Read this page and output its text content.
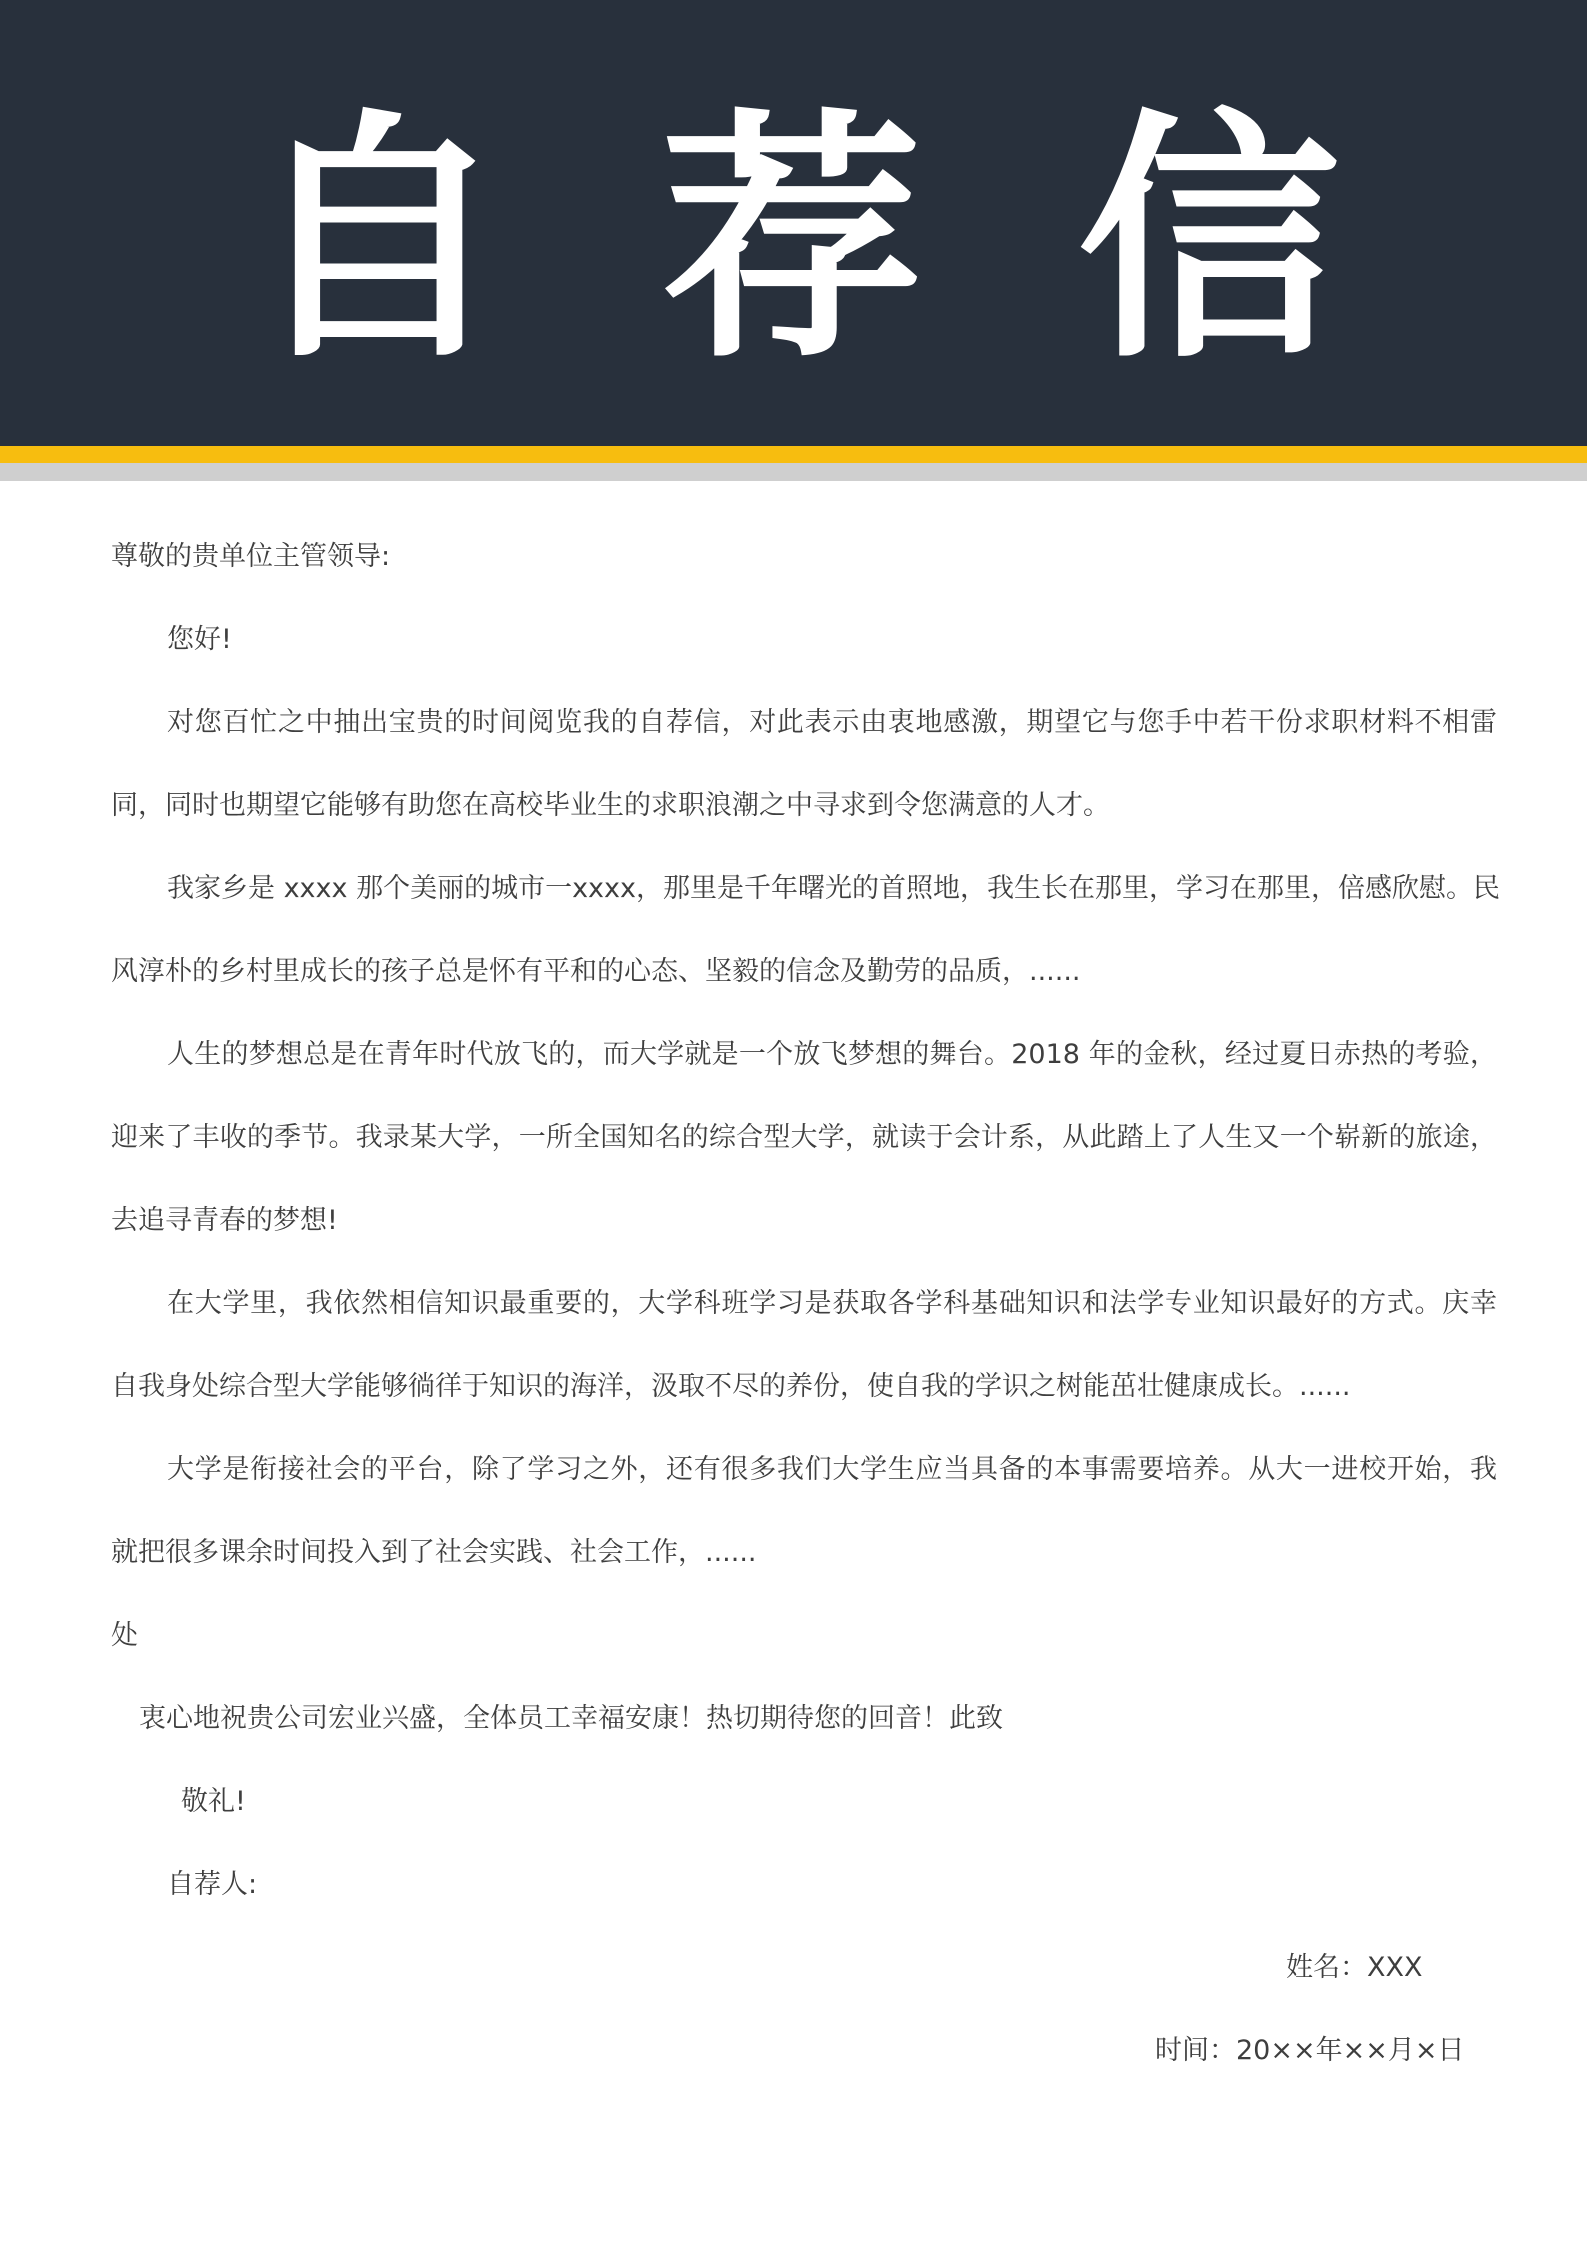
自 荐 信
尊敬的贵单位主管领导:
您好!
对您百忙之中抽出宝贵的时间阅览我的自荐信，对此表示由衷地感激，期望它与您手中若干份求职材料不相雷
同，同时也期望它能够有助您在高校毕业生的求职浪潮之中寻求到令您满意的人才。
我家乡是 xxxx 那个美丽的城市一xxxx，那里是千年曙光的首照地，我生长在那里，学习在那里，倍感欣慰。民
风淳朴的乡村里成长的孩子总是怀有平和的心态、坚毅的信念及勤劳的品质，......
人生的梦想总是在青年时代放飞的，而大学就是一个放飞梦想的舞台。2018 年的金秋，经过夏日赤热的考验，
迎来了丰收的季节。我录某大学，一所全国知名的综合型大学，就读于会计系，从此踏上了人生又一个崭新的旅途，
去追寻青春的梦想!
在大学里，我依然相信知识最重要的，大学科班学习是获取各学科基础知识和法学专业知识最好的方式。庆幸
自我身处综合型大学能够徜徉于知识的海洋，汲取不尽的养份，使自我的学识之树能茁壮健康成长。......
大学是衔接社会的平台，除了学习之外，还有很多我们大学生应当具备的本事需要培养。从大一进校开始，我
就把很多课余时间投入到了社会实践、社会工作，......
处
衷心地祝贵公司宏业兴盛，全体员工幸福安康！热切期待您的回音！此致
敬礼!
自荐人:
姓名：XXX
时间：20××年××月×日
